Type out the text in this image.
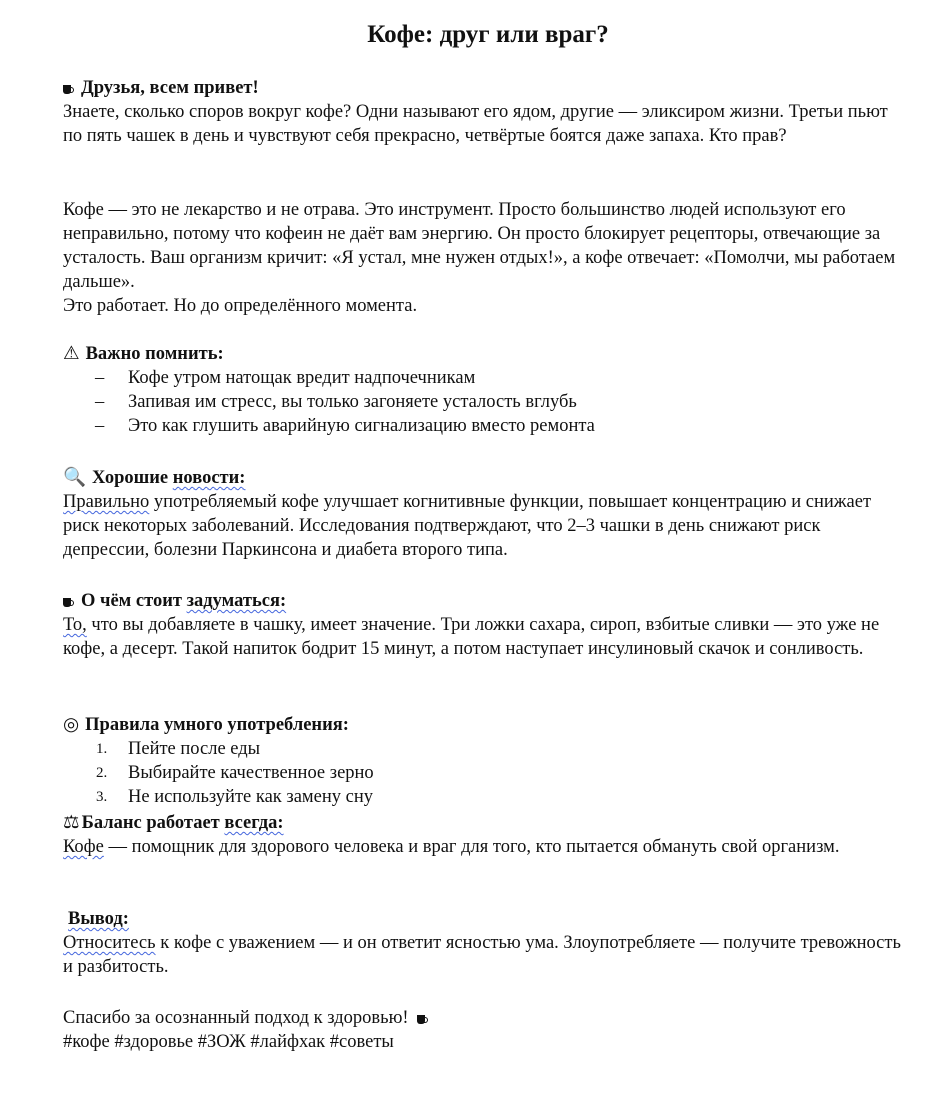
Кофе: друг или враг?

Друзья, всем привет!

Знаете, сколько споров вокруг кофе? Одни называют его ядом, другие — эликсиром жизни. Третьи пьют по пять чашек в день и чувствуют себя прекрасно, четвёртые боятся даже запаха. Кто прав?

Кофе — это не лекарство и не отрава. Это инструмент. Просто большинство людей используют его неправильно, потому что кофеин не даёт вам энергию. Он просто блокирует рецепторы, отвечающие за усталость. Ваш организм кричит: «Я устал, мне нужен отдых!», а кофе отвечает: «Помолчи, мы работаем дальше».

Это работает. Но до определённого момента.

⚠ Важно помнить:

– Кофе утром натощак вредит надпочечникам
– Запивая им стресс, вы только загоняете усталость вглубь
– Это как глушить аварийную сигнализацию вместо ремонта

🔍 Хорошие новости:

Правильно употребляемый кофе улучшает когнитивные функции, повышает концентрацию и снижает риск некоторых заболеваний. Исследования подтверждают, что 2–3 чашки в день снижают риск депрессии, болезни Паркинсона и диабета второго типа.

О чём стоит задуматься:

То, что вы добавляете в чашку, имеет значение. Три ложки сахара, сироп, взбитые сливки — это уже не кофе, а десерт. Такой напиток бодрит 15 минут, а потом наступает инсулиновый скачок и сонливость.

◎ Правила умного употребления:

1. Пейте после еды
2. Выбирайте качественное зерно
3. Не используйте как замену сну

⚖ Баланс работает всегда:

Кофе — помощник для здорового человека и враг для того, кто пытается обмануть свой организм.

Вывод:

Относитесь к кофе с уважением — и он ответит ясностью ума. Злоупотребляете — получите тревожность и разбитость.

Спасибо за осознанный подход к здоровью!

#кофе #здоровье #ЗОЖ #лайфхак #советы
